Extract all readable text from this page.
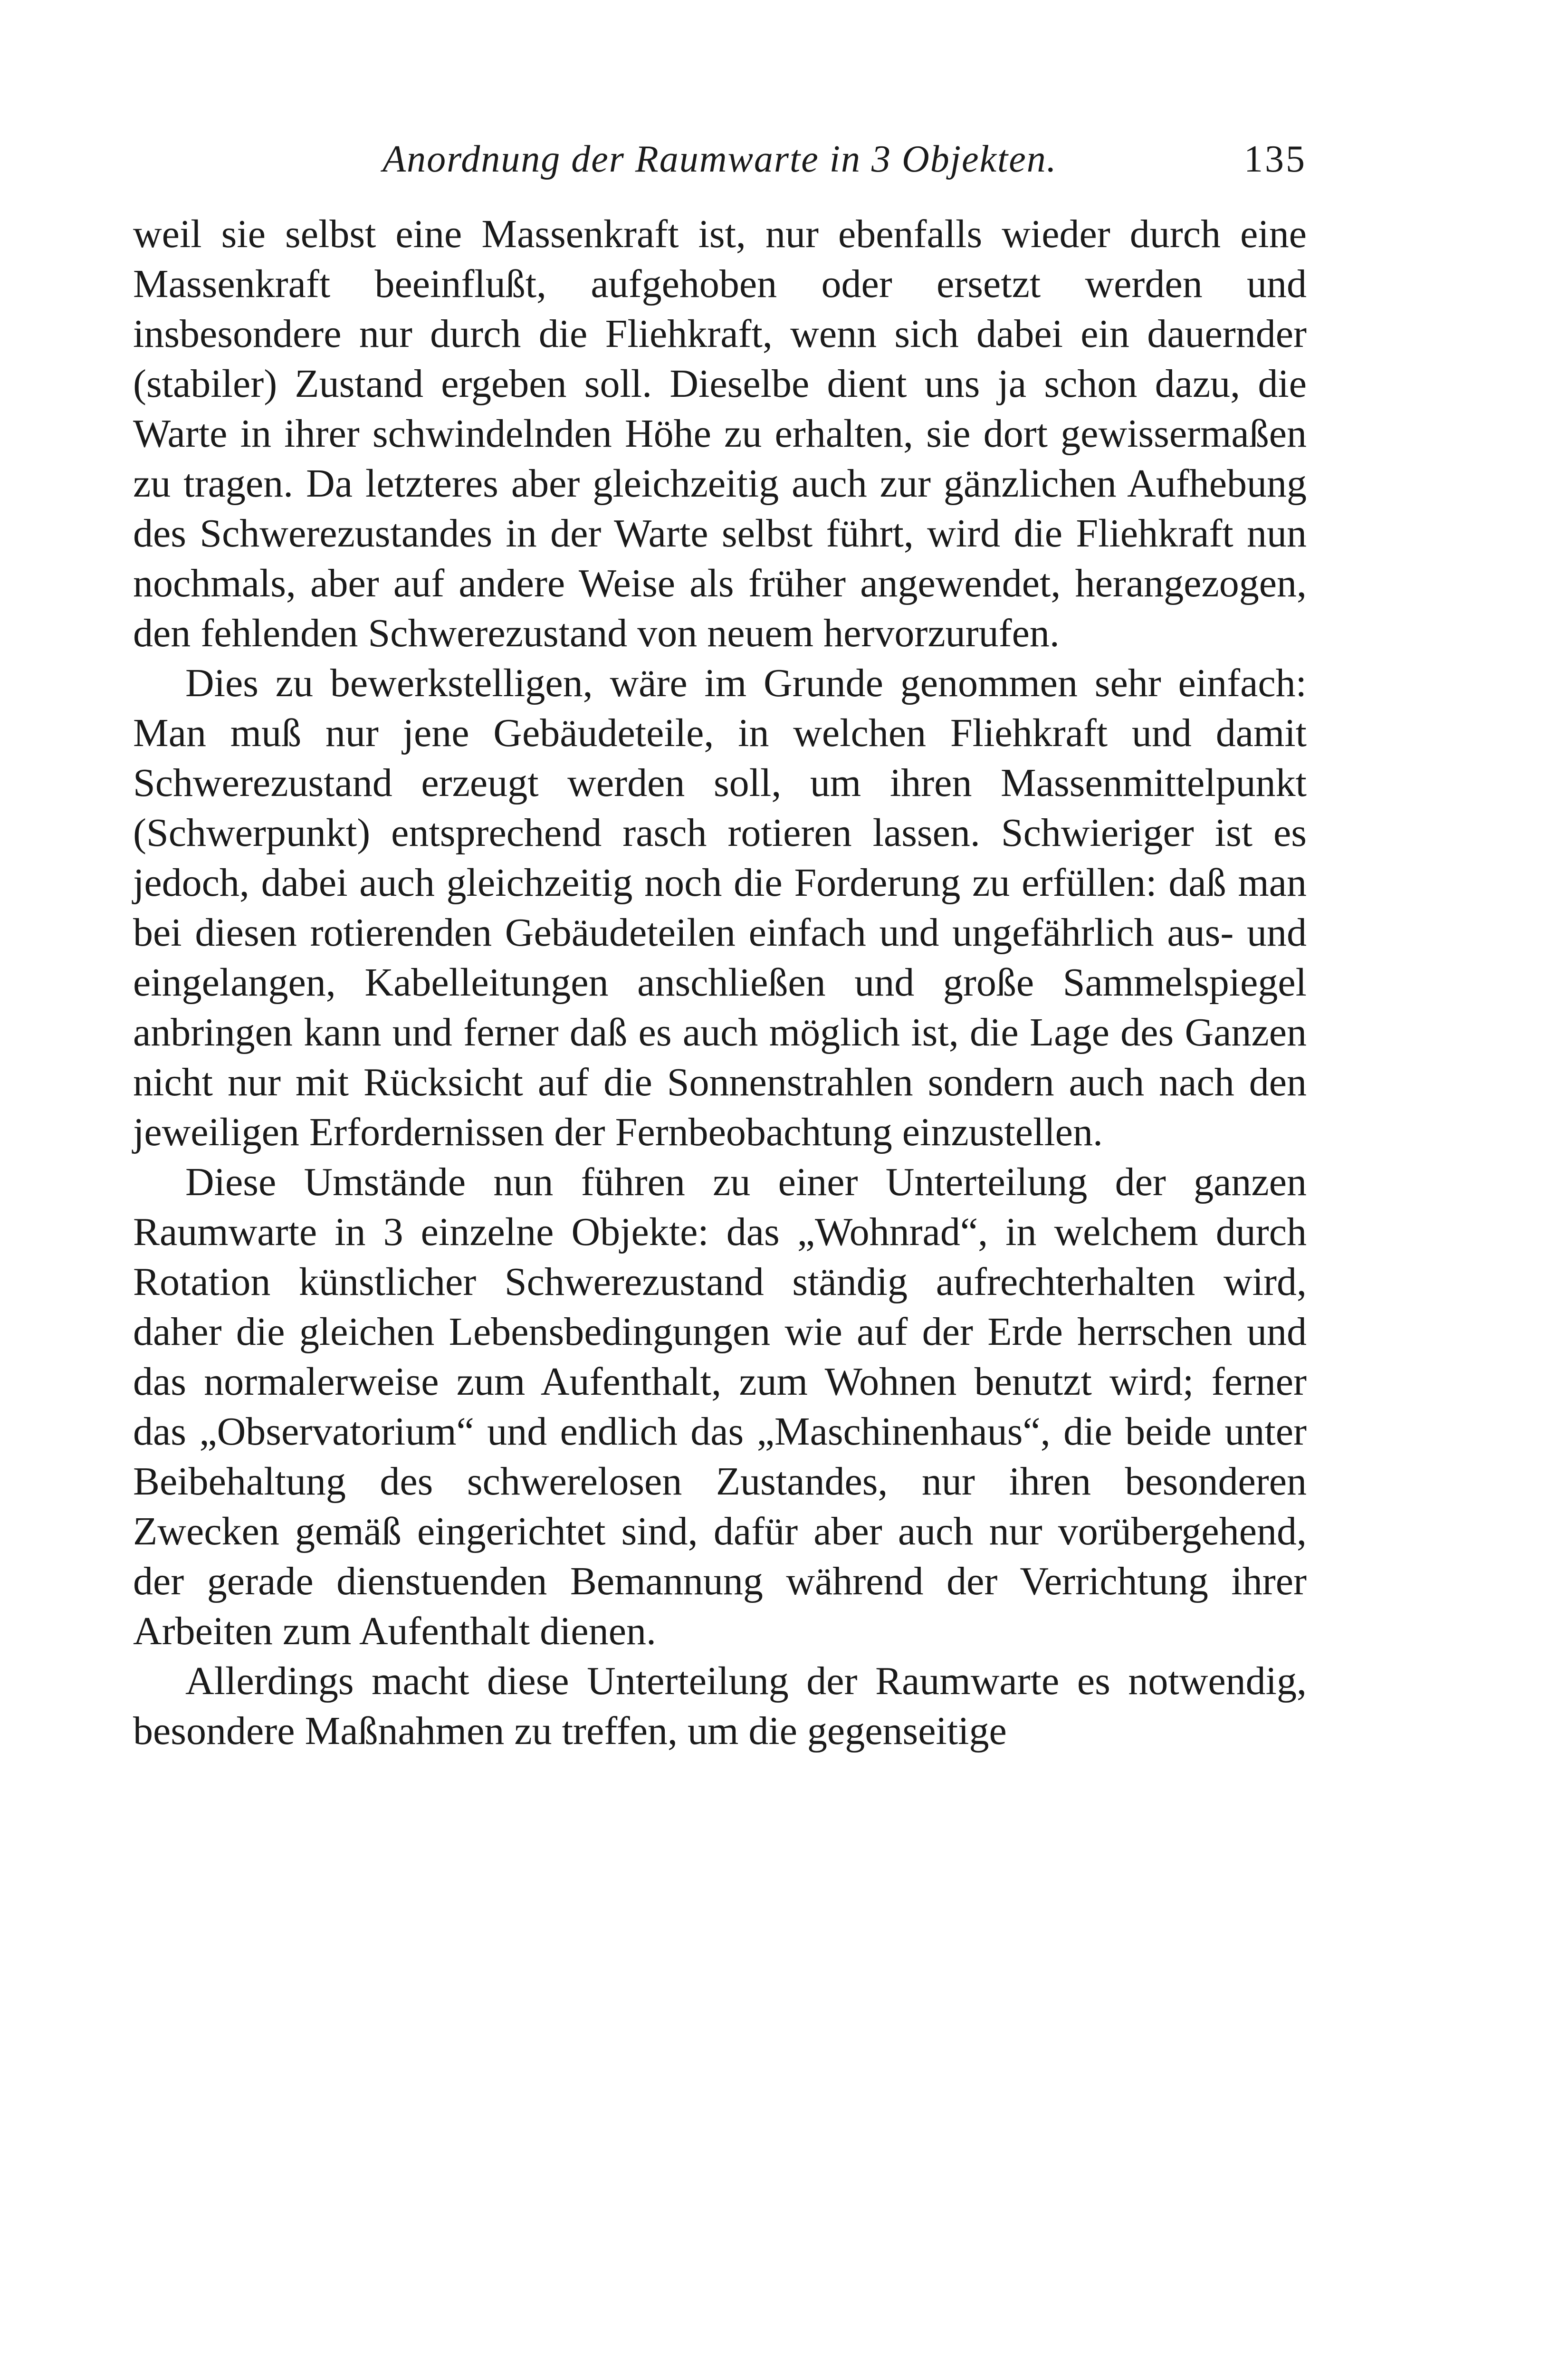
Anordnung der Raumwarte in 3 Objekten.	135

weil sie selbst eine Massenkraft ist, nur ebenfalls wieder durch eine Massenkraft beeinflußt, aufgehoben oder ersetzt werden und insbesondere nur durch die Fliehkraft, wenn sich dabei ein dauernder (stabiler) Zustand ergeben soll. Dieselbe dient uns ja schon dazu, die Warte in ihrer schwindelnden Höhe zu erhalten, sie dort gewissermaßen zu tragen. Da letzteres aber gleichzeitig auch zur gänzlichen Aufhebung des Schwerezustandes in der Warte selbst führt, wird die Fliehkraft nun nochmals, aber auf andere Weise als früher angewendet, herangezogen, den fehlenden Schwerezustand von neuem hervorzurufen.

Dies zu bewerkstelligen, wäre im Grunde genommen sehr einfach: Man muß nur jene Gebäudeteile, in welchen Fliehkraft und damit Schwerezustand erzeugt werden soll, um ihren Massenmittelpunkt (Schwerpunkt) entsprechend rasch rotieren lassen. Schwieriger ist es jedoch, dabei auch gleichzeitig noch die Forderung zu erfüllen: daß man bei diesen rotierenden Gebäudeteilen einfach und ungefährlich aus- und eingelangen, Kabelleitungen anschließen und große Sammelspiegel anbringen kann und ferner daß es auch möglich ist, die Lage des Ganzen nicht nur mit Rücksicht auf die Sonnenstrahlen sondern auch nach den jeweiligen Erfordernissen der Fernbeobachtung einzustellen.

Diese Umstände nun führen zu einer Unterteilung der ganzen Raumwarte in 3 einzelne Objekte: das „Wohnrad“, in welchem durch Rotation künstlicher Schwerezustand ständig aufrechterhalten wird, daher die gleichen Lebensbedingungen wie auf der Erde herrschen und das normalerweise zum Aufenthalt, zum Wohnen benutzt wird; ferner das „Observatorium“ und endlich das „Maschinenhaus“, die beide unter Beibehaltung des schwerelosen Zustandes, nur ihren besonderen Zwecken gemäß eingerichtet sind, dafür aber auch nur vorübergehend, der gerade dienstuenden Bemannung während der Verrichtung ihrer Arbeiten zum Aufenthalt dienen.

Allerdings macht diese Unterteilung der Raumwarte es notwendig, besondere Maßnahmen zu treffen, um die gegenseitige
